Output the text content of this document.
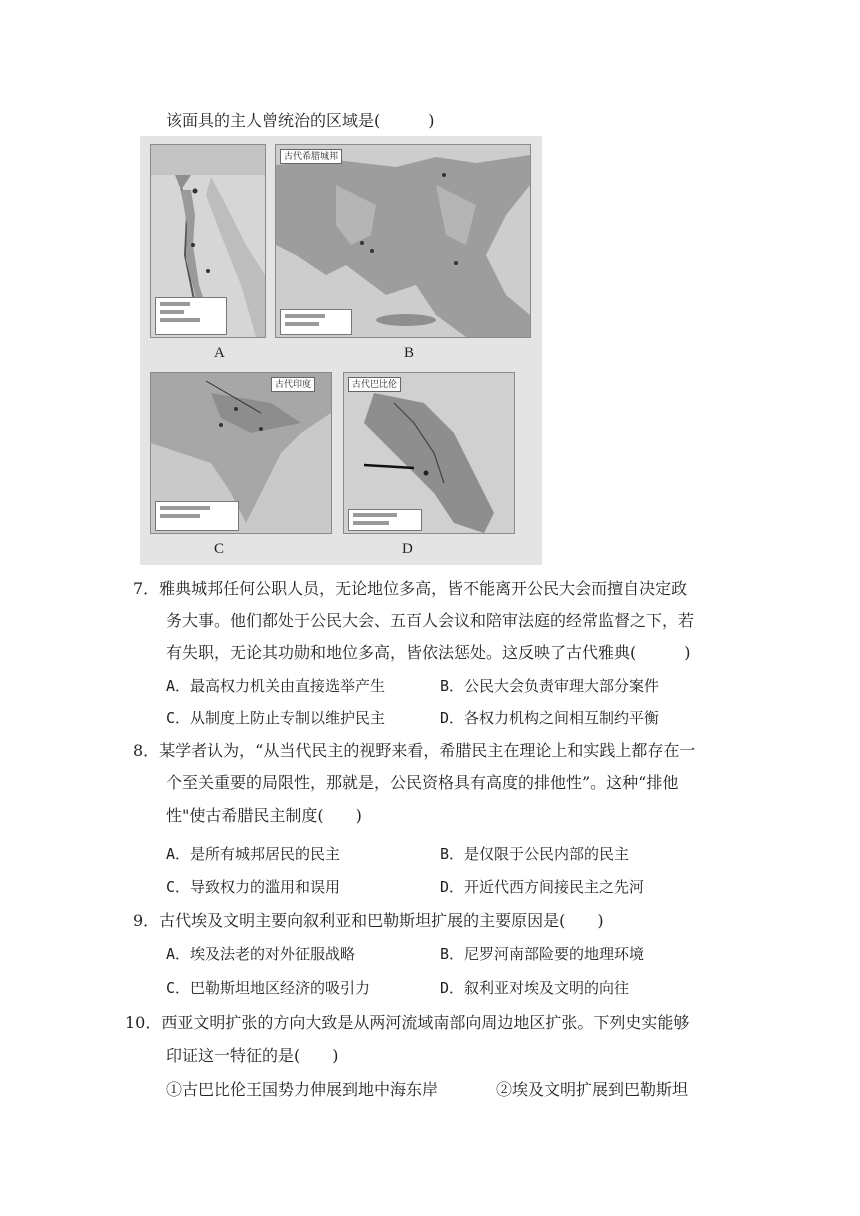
该面具的主人曾统治的区域是(　　　)
A
古代希腊城邦
B
古代印度
C
古代巴比伦
D
7．雅典城邦任何公职人员，无论地位多高，皆不能离开公民大会而擅自决定政
务大事。他们都处于公民大会、五百人会议和陪审法庭的经常监督之下，若
有失职，无论其功勋和地位多高，皆依法惩处。这反映了古代雅典(　　　)
A．最高权力机关由直接选举产生	B．公民大会负责审理大部分案件
C．从制度上防止专制以维护民主	D．各权力机构之间相互制约平衡
8．某学者认为，“从当代民主的视野来看，希腊民主在理论上和实践上都存在一
个至关重要的局限性，那就是，公民资格具有高度的排他性”。这种“排他
性"使古希腊民主制度(　　)
A．是所有城邦居民的民主	B．是仅限于公民内部的民主
C．导致权力的滥用和误用	D．开近代西方间接民主之先河
9．古代埃及文明主要向叙利亚和巴勒斯坦扩展的主要原因是(　　)
A．埃及法老的对外征服战略	B．尼罗河南部险要的地理环境
C．巴勒斯坦地区经济的吸引力	D．叙利亚对埃及文明的向往
10．西亚文明扩张的方向大致是从两河流域南部向周边地区扩张。下列史实能够
印证这一特征的是(　　)
①古巴比伦王国势力伸展到地中海东岸	②埃及文明扩展到巴勒斯坦
